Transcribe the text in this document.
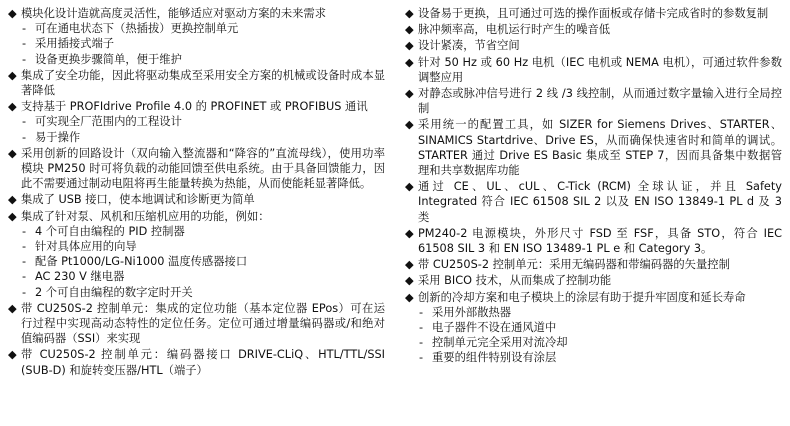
◆ 模块化设计造就高度灵活性，能够适应对驱动方案的未来需求
- 可在通电状态下（热插拔）更换控制单元
- 采用插接式端子
- 设备更换步骤简单，便于维护
◆ 集成了安全功能，因此将驱动集成至采用安全方案的机械或设备时成本显著降低
◆ 支持基于 PROFIdrive Profile 4.0 的 PROFINET 或 PROFIBUS 通讯
- 可实现全厂范围内的工程设计
- 易于操作
◆ 采用创新的回路设计（双向输入整流器和“降容的”直流母线），使用功率模块 PM250 时可将负载的动能回馈至供电系统。由于具备回馈能力，因此不需要通过制动电阻将再生能量转换为热能，从而使能耗显著降低。
◆ 集成了 USB 接口，使本地调试和诊断更为简单
◆ 集成了针对泵、风机和压缩机应用的功能，例如：
- 4 个可自由编程的 PID 控制器
- 针对具体应用的向导
- 配备 Pt1000/LG-Ni1000 温度传感器接口
- AC 230 V 继电器
- 2 个可自由编程的数字定时开关
◆ 带 CU250S-2 控制单元：集成的定位功能（基本定位器 EPos）可在运行过程中实现高动态特性的定位任务。定位可通过增量编码器或/和绝对值编码器（SSI）来实现
◆ 带 CU250S-2 控制单元：编码器接口 DRIVE-CLiQ、HTL/TTL/SSI (SUB-D) 和旋转变压器/HTL（端子）
◆ 设备易于更换，且可通过可选的操作面板或存储卡完成省时的参数复制
◆ 脉冲频率高，电机运行时产生的噪音低
◆ 设计紧凑，节省空间
◆ 针对 50 Hz 或 60 Hz 电机（IEC 电机或 NEMA 电机），可通过软件参数调整应用
◆ 对静态或脉冲信号进行 2 线 /3 线控制，从而通过数字量输入进行全局控制
◆ 采用统一的配置工具，如 SIZER for Siemens Drives、STARTER、SINAMICS Startdrive、Drive ES，从而确保快速省时和简单的调试。STARTER 通过 Drive ES Basic 集成至 STEP 7，因而具备集中数据管理和共享数据库功能
◆ 通过 CE、UL、cUL、C-Tick (RCM) 全球认证，并且 Safety Integrated 符合 IEC 61508 SIL 2 以及 EN ISO 13849-1 PL d 及 3 类
◆ PM240-2 电源模块，外形尺寸 FSD 至 FSF，具备 STO，符合 IEC 61508 SIL 3 和 EN ISO 13489-1 PL e 和 Category 3。
◆ 带 CU250S-2 控制单元：采用无编码器和带编码器的矢量控制
◆ 采用 BICO 技术，从而集成了控制功能
◆ 创新的冷却方案和电子模块上的涂层有助于提升牢固度和延长寿命
- 采用外部散热器
- 电子器件不设在通风道中
- 控制单元完全采用对流冷却
- 重要的组件特别设有涂层
